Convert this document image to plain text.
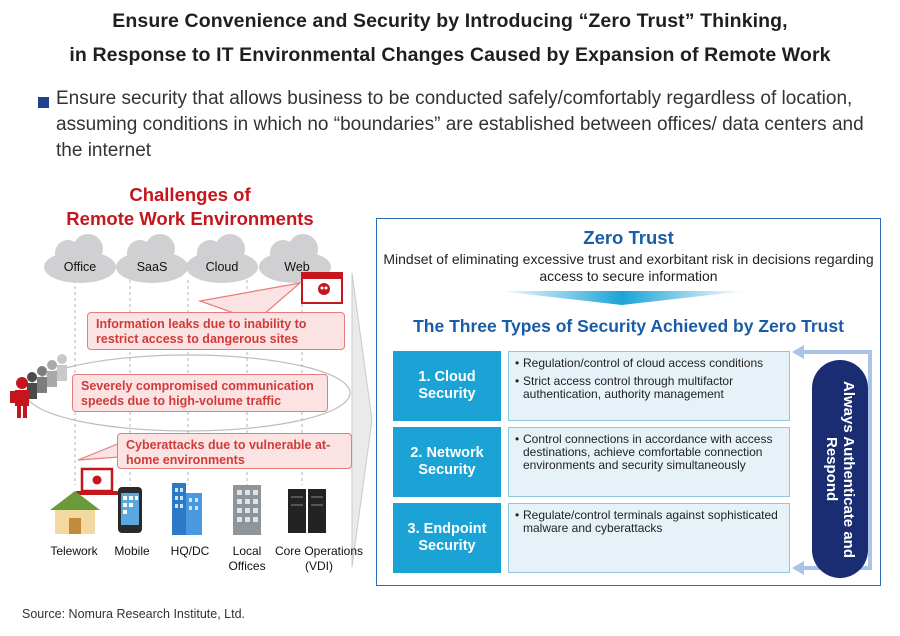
Ensure Convenience and Security by Introducing “Zero Trust” Thinking,
in Response to IT Environmental Changes Caused by Expansion of Remote Work
Ensure security that allows business to be conducted safely/comfortably regardless of location, assuming conditions in which no “boundaries” are established between offices/ data centers and the internet
Challenges of
Remote Work Environments
Office	SaaS	Cloud	Web
Information leaks due to inability to restrict access to dangerous sites
Severely compromised communication speeds due to high-volume traffic
Cyberattacks due to vulnerable at-home environments
Telework	Mobile	HQ/DC	Local Offices
Core Operations (VDI)
Zero Trust
Mindset of eliminating excessive trust and exorbitant risk in decisions regarding access to secure information
The Three Types of Security Achieved by Zero Trust
1. Cloud Security
• Regulation/control of cloud access conditions
• Strict access control through multifactor authentication, authority management
2. Network Security
• Control connections in accordance with access destinations, achieve comfortable connection environments and security simultaneously
3. Endpoint Security
• Regulate/control terminals against sophisticated malware and cyberattacks	Always Authenticate and Respond
Source: Nomura Research Institute, Ltd.
